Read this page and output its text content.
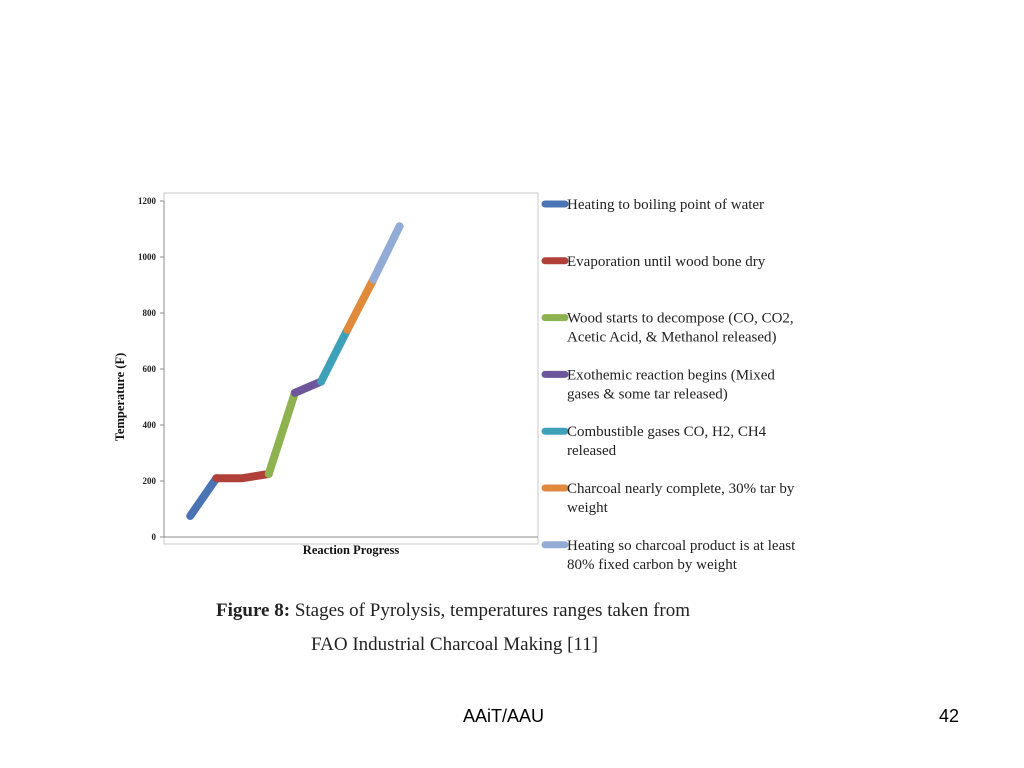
0
200
400
600
800
1000
1200
Temperature (F)
Reaction Progress
Heating to boiling point of water
Evaporation until wood bone dry
Wood starts to decompose (CO, CO2,
Acetic Acid, & Methanol released)
Exothemic reaction begins (Mixed
gases & some tar released)
Combustible gases CO, H2, CH4
released
Charcoal nearly complete, 30% tar by
weight
Heating so charcoal product is at least
80% fixed carbon by weight
Figure 8: Stages of Pyrolysis, temperatures ranges taken from
FAO Industrial Charcoal Making [11]
AAiT/AAU	42
